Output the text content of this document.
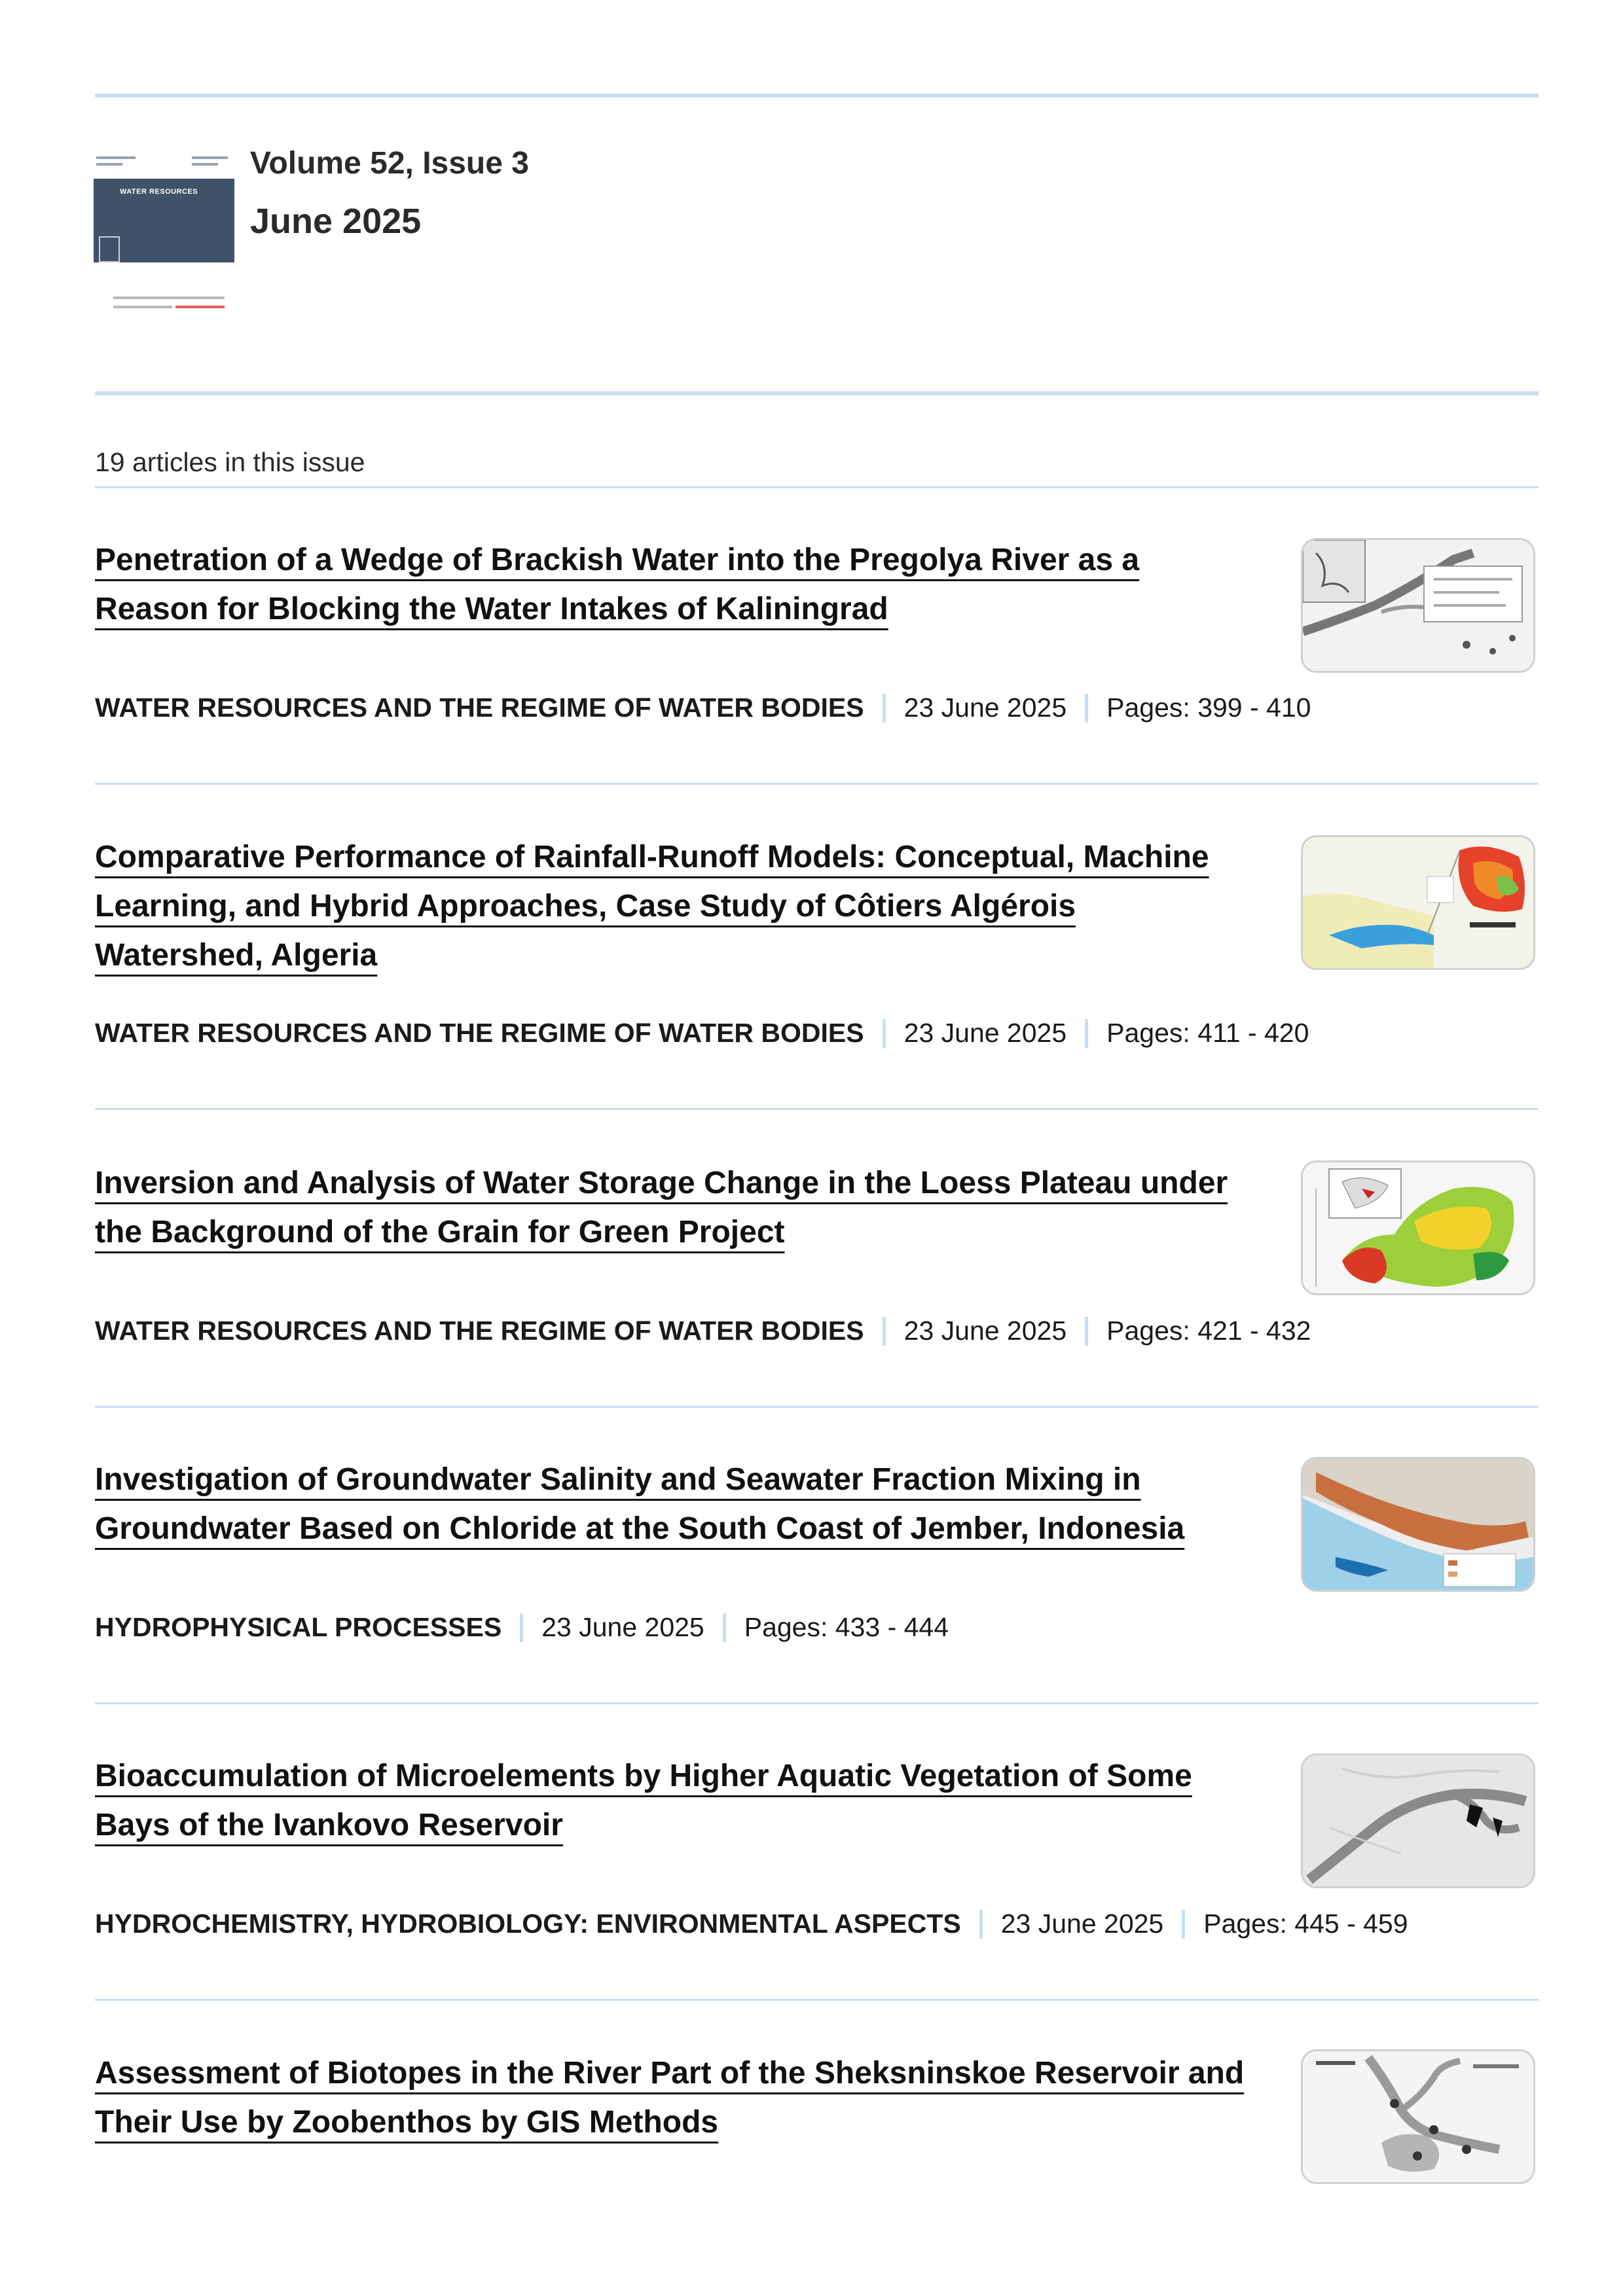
WATER RESOURCES
Volume 52, Issue 3
June 2025
19 articles in this issue
Penetration of a Wedge of Brackish Water into the Pregolya River as a Reason for Blocking the Water Intakes of Kaliningrad
WATER RESOURCES AND THE REGIME OF WATER BODIES 23 June 2025 Pages: 399 - 410
Comparative Performance of Rainfall-Runoff Models: Conceptual, Machine Learning, and Hybrid Approaches, Case Study of Côtiers Algérois Watershed, Algeria
WATER RESOURCES AND THE REGIME OF WATER BODIES 23 June 2025 Pages: 411 - 420
Inversion and Analysis of Water Storage Change in the Loess Plateau under the Background of the Grain for Green Project
WATER RESOURCES AND THE REGIME OF WATER BODIES 23 June 2025 Pages: 421 - 432
Investigation of Groundwater Salinity and Seawater Fraction Mixing in Groundwater Based on Chloride at the South Coast of Jember, Indonesia
HYDROPHYSICAL PROCESSES 23 June 2025 Pages: 433 - 444
Bioaccumulation of Microelements by Higher Aquatic Vegetation of Some Bays of the Ivankovo Reservoir
HYDROCHEMISTRY, HYDROBIOLOGY: ENVIRONMENTAL ASPECTS 23 June 2025 Pages: 445 - 459
Assessment of Biotopes in the River Part of the Sheksninskoe Reservoir and Their Use by Zoobenthos by GIS Methods
